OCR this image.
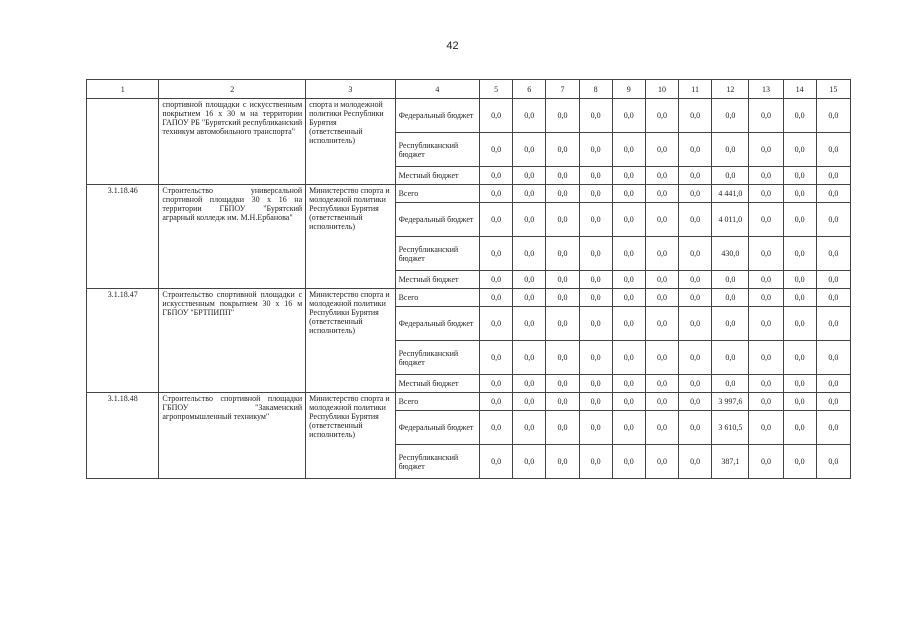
42
1	2	3	4	5	6	7	8	9	10	11	12	13	14	15
	спортивной площадки с искусственным покрытием 16 х 30 м на территории ГАПОУ РБ "Бурятский республиканский техникум автомобильного транспорта"	спорта и молодежной политики Республики Бурятия (ответственный исполнитель)	Федеральный бюджет	0,0	0,0	0,0	0,0	0,0	0,0	0,0	0,0	0,0	0,0	0,0
			Республиканский бюджет	0,0	0,0	0,0	0,0	0,0	0,0	0,0	0,0	0,0	0,0	0,0
			Местный бюджет	0,0	0,0	0,0	0,0	0,0	0,0	0,0	0,0	0,0	0,0	0,0
3.1.18.46	Строительство универсальной спортивной площадки 30 х 16 на территории ГБПОУ "Бурятский аграрный колледж им. М.Н.Ербанова"	Министерство спорта и молодежной политики Республики Бурятия (ответственный исполнитель)	Всего	0,0	0,0	0,0	0,0	0,0	0,0	0,0	4 441,0	0,0	0,0	0,0
			Федеральный бюджет	0,0	0,0	0,0	0,0	0,0	0,0	0,0	4 011,0	0,0	0,0	0,0
			Республиканский бюджет	0,0	0,0	0,0	0,0	0,0	0,0	0,0	430,0	0,0	0,0	0,0
			Местный бюджет	0,0	0,0	0,0	0,0	0,0	0,0	0,0	0,0	0,0	0,0	0,0
3.1.18.47	Строительство спортивной площадки с искусственным покрытием 30 х 16 м ГБПОУ "БРТПИПП"	Министерство спорта и молодежной политики Республики Бурятия (ответственный исполнитель)	Всего	0,0	0,0	0,0	0,0	0,0	0,0	0,0	0,0	0,0	0,0	0,0
			Федеральный бюджет	0,0	0,0	0,0	0,0	0,0	0,0	0,0	0,0	0,0	0,0	0,0
			Республиканский бюджет	0,0	0,0	0,0	0,0	0,0	0,0	0,0	0,0	0,0	0,0	0,0
			Местный бюджет	0,0	0,0	0,0	0,0	0,0	0,0	0,0	0,0	0,0	0,0	0,0
3.1.18.48	Строительство спортивной площадки ГБПОУ "Закаменский агропромышленный техникум"	Министерство спорта и молодежной политики Республики Бурятия (ответственный исполнитель)	Всего	0,0	0,0	0,0	0,0	0,0	0,0	0,0	3 997,6	0,0	0,0	0,0
			Федеральный бюджет	0,0	0,0	0,0	0,0	0,0	0,0	0,0	3 610,5	0,0	0,0	0,0
			Республиканский бюджет	0,0	0,0	0,0	0,0	0,0	0,0	0,0	387,1	0,0	0,0	0,0
